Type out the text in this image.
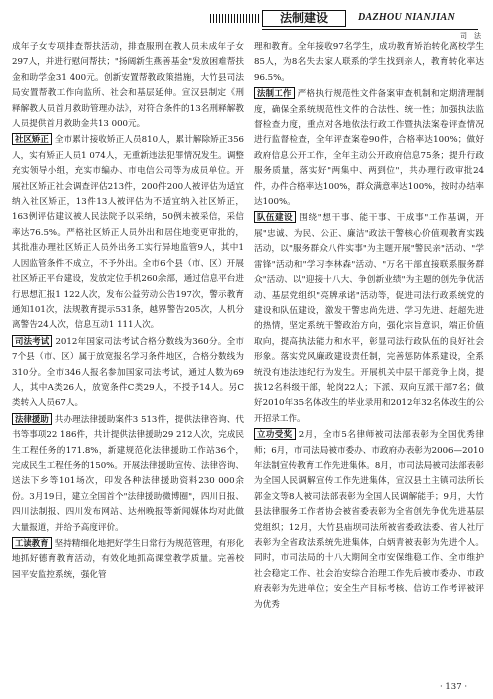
法制建设	DAZHOU NIANJIAN
司　法

成年子女专项排查帮扶活动，排查服刑在教人员未成年子女297人，并进行慰问帮扶；"扬阔新生燕善基金"发放困难帮扶金和助学金31 400元。创新安置帮教政策措施，大竹县司法局安置帮教工作向监所、社会和基层延伸。宣汉县制定《刑释解教人员首月救助管理办法》，对符合条件的13名刑释解教人员提供首月救助金共13 000元。

社区矫正 全市累计接收矫正人员810人，累计解除矫正356人，实有矫正人员1 074人，无重新违法犯罪情况发生。调整充实领导小组，充实市编办、市电信公司等为成员单位。开展社区矫正社会调查评估213件，200件200人被评估为适宜纳入社区矫正，13件13人被评估为不适宜纳入社区矫正，163例评估建议被人民法院予以采纳，50例未被采信，采信率达76.5%。严格社区矫正人员外出和居住地变更审批的，其批准办理社区矫正人员外出务工实行异地监管9人，其中1人因监管条件不成立，不予外出。全市6个县（市、区）开展社区矫正平台建设，发放定位手机260余部，通过信息平台进行思想汇报1 122人次，发布公益劳动公告197次，警示教育通知101次，法规教育提示531条，越界警告205次，人机分离警告24人次，信息互动1 111人次。

司法考试 2012年国家司法考试合格分数线为360分。全市7个县（市、区）属于放宽报名学习条件地区，合格分数线为310分。全市346人报名参加国家司法考试，通过人数为69人，其中A类26人，放宽条件C类29人，不授予14人。另C类转入人员67人。

法律援助 共办理法律援助案件3 513件，提供法律咨询、代书等事项22 186件，共计提供法律援助29 212人次，完成民生工程任务的171.8%，新建规范化法律援助工作站36个，完成民生工程任务的150%。开展法律援助宣传、法律咨询、送法下乡等101场次，印发各种法律援助资料230 000余份。3月19日，建立全国首个"法律援助微博圈"，四川日报、四川法制报、四川发布网站、达州晚报等新闻媒体均对此做大量报道，并给予高度评价。

工读教育 坚持精细化地把好学生日常行为规范管理，有形化地抓好德育教育活动，有效化地抓高课堂教学质量。完善校园平安监控系统，强化管

理和教育。全年接收97名学生，成功教育矫治转化离校学生85人，为8名失去家人联系的学生找到亲人，教育转化率达96.5%。

法制工作 严格执行规范性文件备案审查机制和定期清理制度，确保全系统规范性文件的合法性、统一性；加强执法监督检查力度，重点对各地依法行政工作暨执法案卷评查情况进行监督检查，全年评查案卷90件，合格率达100%；做好政府信息公开工作，全年主动公开政府信息75条；提升行政服务质量，落实好"两集中、两到位"，共办理行政审批24件，办件合格率达100%，群众满意率达100%，按时办结率达100%。

队伍建设 围绕"想干事、能干事、干成事"工作基调，开展"忠诚、为民、公正、廉洁"政法干警核心价值观教育实践活动，以"服务群众八件实事"为主题开展"警民亲"活动、"学雷锋"活动和"学习李林森"活动、"万名干部直接联系服务群众"活动、以"迎接十八大、争创新业绩"为主题的创先争优活动、基层党组织"亮牌承诺"活动等，促进司法行政系统党的建设和队伍建设，激发干警忠尚先进、学习先进、赶超先进的热情，坚定系统干警政治方向，强化宗旨意识，端正价值取向，提高执法能力和水平，彰显司法行政队伍的良好社会形象。落实党风廉政建设责任制，完善惩防体系建设，全系统没有违法违纪行为发生。开展机关中层干部竞争上岗，提拔12名科级干部，轮岗22人；下派、双向互派干部7名；做好2010年35名体改生的毕业录用和2012年32名体改生的公开招录工作。

立功受奖 2月，全市5名律师被司法部表彰为全国优秀律师；6月，市司法局被市委办、市政府办表彰为2006—2010年法制宣传教育工作先进集体。8月，市司法局被司法部表彰为全国人民调解宣传工作先进集体，宣汉县土主镇司法所长郭金文等8人被司法部表彰为全国人民调解能手；9月，大竹县法律服务工作者协会被省委表彰为全省创先争优先进基层党组织；12月，大竹县庙坝司法所被省委政法委、省人社厅表彰为全省政法系统先进集体，白炳青被表彰为先进个人。同时，市司法局的十八大期间全市安保维稳工作、全市维护社会稳定工作、社会治安综合治理工作先后被市委办、市政府表彰为先进单位；安全生产目标考核、信访工作考评被评为优秀

· 137 ·
